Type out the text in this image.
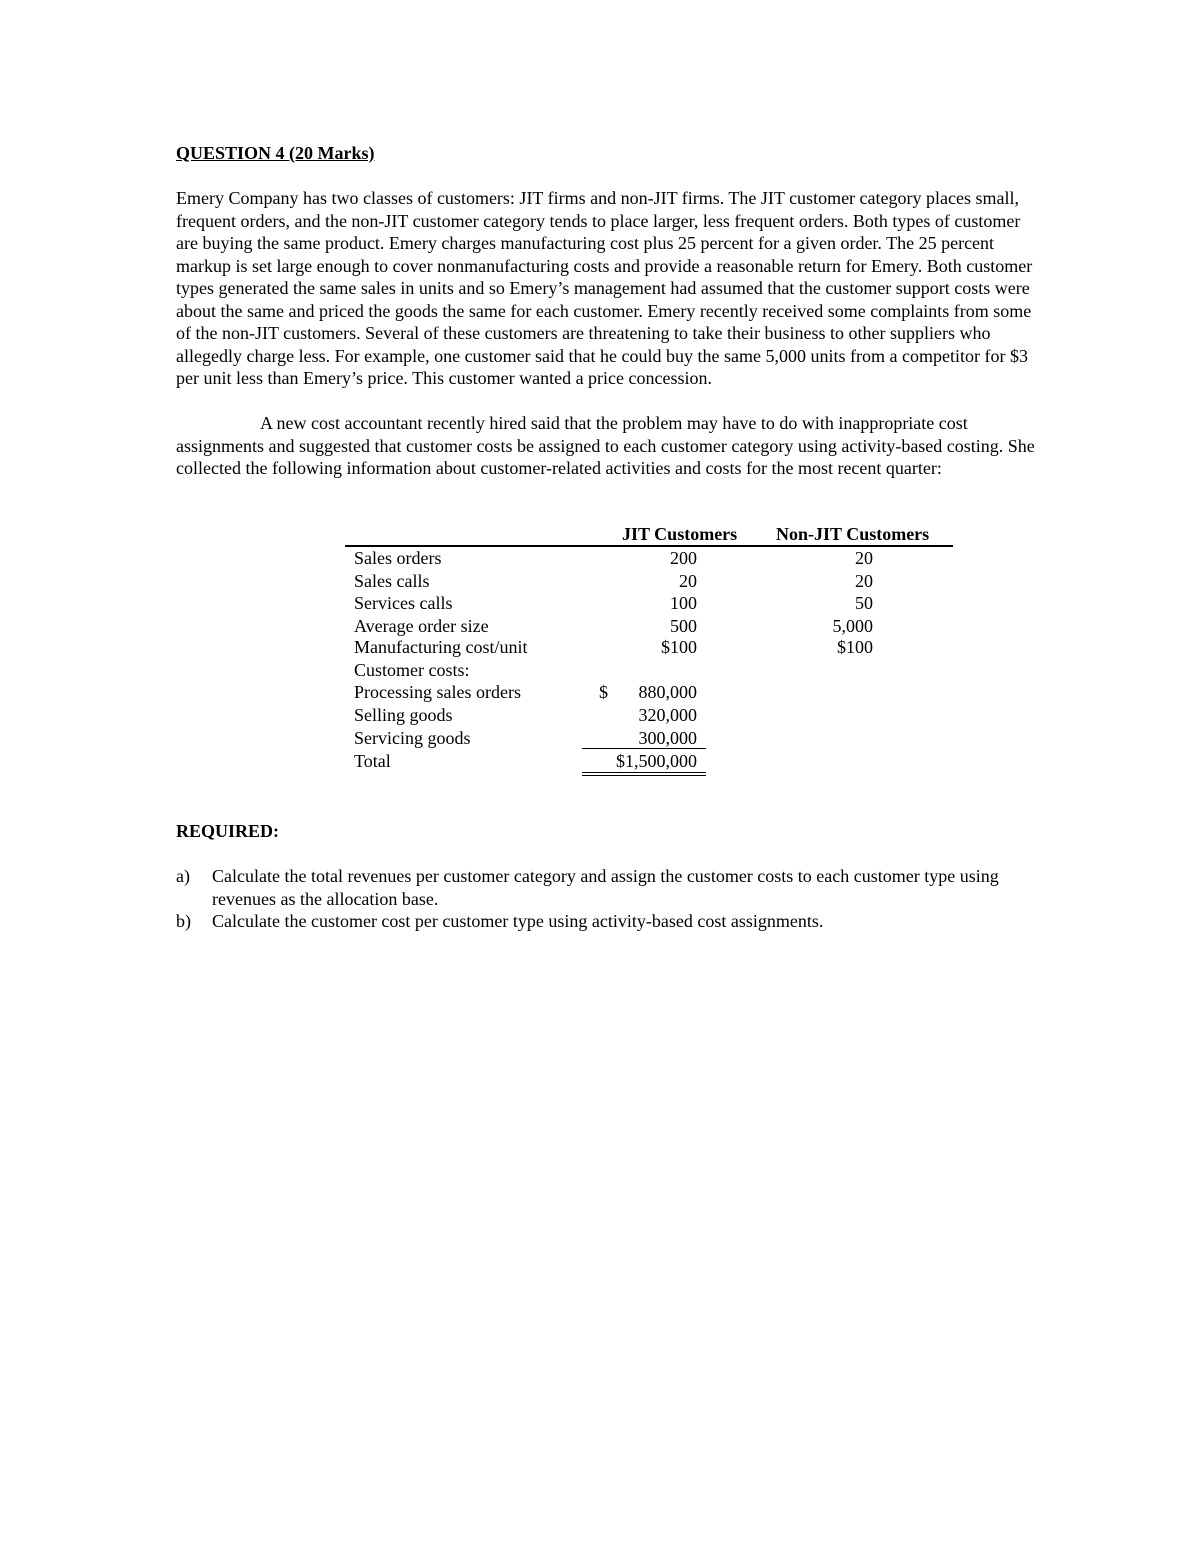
QUESTION 4 (20 Marks)

Emery Company has two classes of customers: JIT firms and non-JIT firms. The JIT customer category places small, frequent orders, and the non-JIT customer category tends to place larger, less frequent orders. Both types of customer are buying the same product. Emery charges manufacturing cost plus 25 percent for a given order. The 25 percent markup is set large enough to cover nonmanufacturing costs and provide a reasonable return for Emery. Both customer types generated the same sales in units and so Emery’s management had assumed that the customer support costs were about the same and priced the goods the same for each customer. Emery recently received some complaints from some of the non-JIT customers. Several of these customers are threatening to take their business to other suppliers who allegedly charge less. For example, one customer said that he could buy the same 5,000 units from a competitor for $3 per unit less than Emery’s price. This customer wanted a price concession.

A new cost accountant recently hired said that the problem may have to do with inappropriate cost assignments and suggested that customer costs be assigned to each customer category using activity-based costing. She collected the following information about customer-related activities and costs for the most recent quarter:

JIT Customers Non-JIT Customers
Sales orders	200	20
Sales calls	20	20
Services calls	100	50
Average order size	500	5,000
Manufacturing cost/unit	$100	$100
Customer costs:
Processing sales orders	$ 880,000
Selling goods	320,000
Servicing goods	300,000
Total	$1,500,000
REQUIRED:
a) Calculate the total revenues per customer category and assign the customer costs to each customer type using revenues as the allocation base.
b) Calculate the customer cost per customer type using activity-based cost assignments.
